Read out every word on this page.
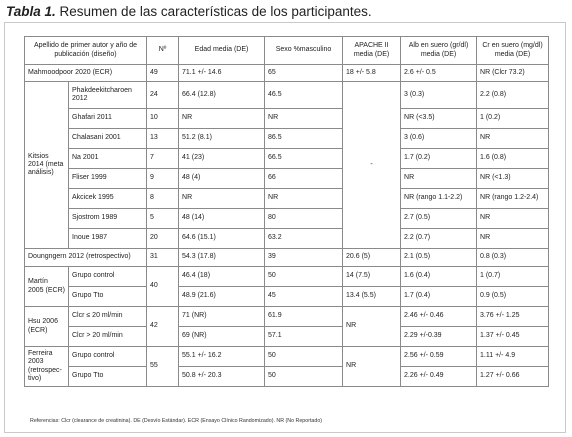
Tabla 1. Resumen de las características de los participantes.
Apellido de primer autor y año de publicación (diseño)		Nº	Edad media (DE)	Sexo %masculino	APACHE II media (DE)	Alb en suero (gr/dl) media (DE)	Cr en suero (mg/dl) media (DE)
Mahmoodpoor 2020 (ECR)		49	71.1 +/- 14.6	65	18 +/- 5.8	2.6 +/- 0.5	NR (Clcr 73.2)
Kitsios 2014 (meta análisis)	Phakdeekitcharoen 2012	24	66.4 (12.8)	46.5	-	3 (0.3)	2.2 (0.8)
	Ghafari 2011	10	NR	NR		NR (<3.5)	1 (0.2)
	Chalasani 2001	13	51.2 (8.1)	86.5		3 (0.6)	NR
	Na 2001	7	41 (23)	66.5		1.7 (0.2)	1.6 (0.8)
	Fliser 1999	9	48 (4)	66		NR	NR (<1.3)
	Akcicek 1995	8	NR	NR		NR (rango 1.1-2.2)	NR (rango 1.2-2.4)
	Sjostrom 1989	5	48 (14)	80		2.7 (0.5)	NR
	Inoue 1987	20	64.6 (15.1)	63.2		2.2 (0.7)	NR
Doungngern 2012 (retrospectivo)		31	54.3 (17.8)	39	20.6 (5)	2.1 (0.5)	0.8 (0.3)
Martín 2005 (ECR)	Grupo control	40	46.4 (18)	50	14 (7.5)	1.6 (0.4)	1 (0.7)
	Grupo Tto		48.9 (21.6)	45	13.4 (5.5)	1.7 (0.4)	0.9 (0.5)
Hsu 2006 (ECR)	Clcr ≤ 20 ml/min	42	71 (NR)	61.9	NR	2.46 +/- 0.46	3.76 +/- 1.25
	Clcr > 20 ml/min		69 (NR)	57.1		2.29 +/-0.39	1.37 +/- 0.45
Ferreira 2003 (retrospec-tivo)	Grupo control	55	55.1 +/- 16.2	50	NR	2.56 +/- 0.59	1.11 +/- 4.9
	Grupo Tto		50.8 +/- 20.3	50		2.26 +/- 0.49	1.27 +/- 0.66
Referencias: Clcr (clearance de creatinina). DE (Desvío Estándar). ECR (Ensayo Clínico Randomizado). NR (No Reportado)
